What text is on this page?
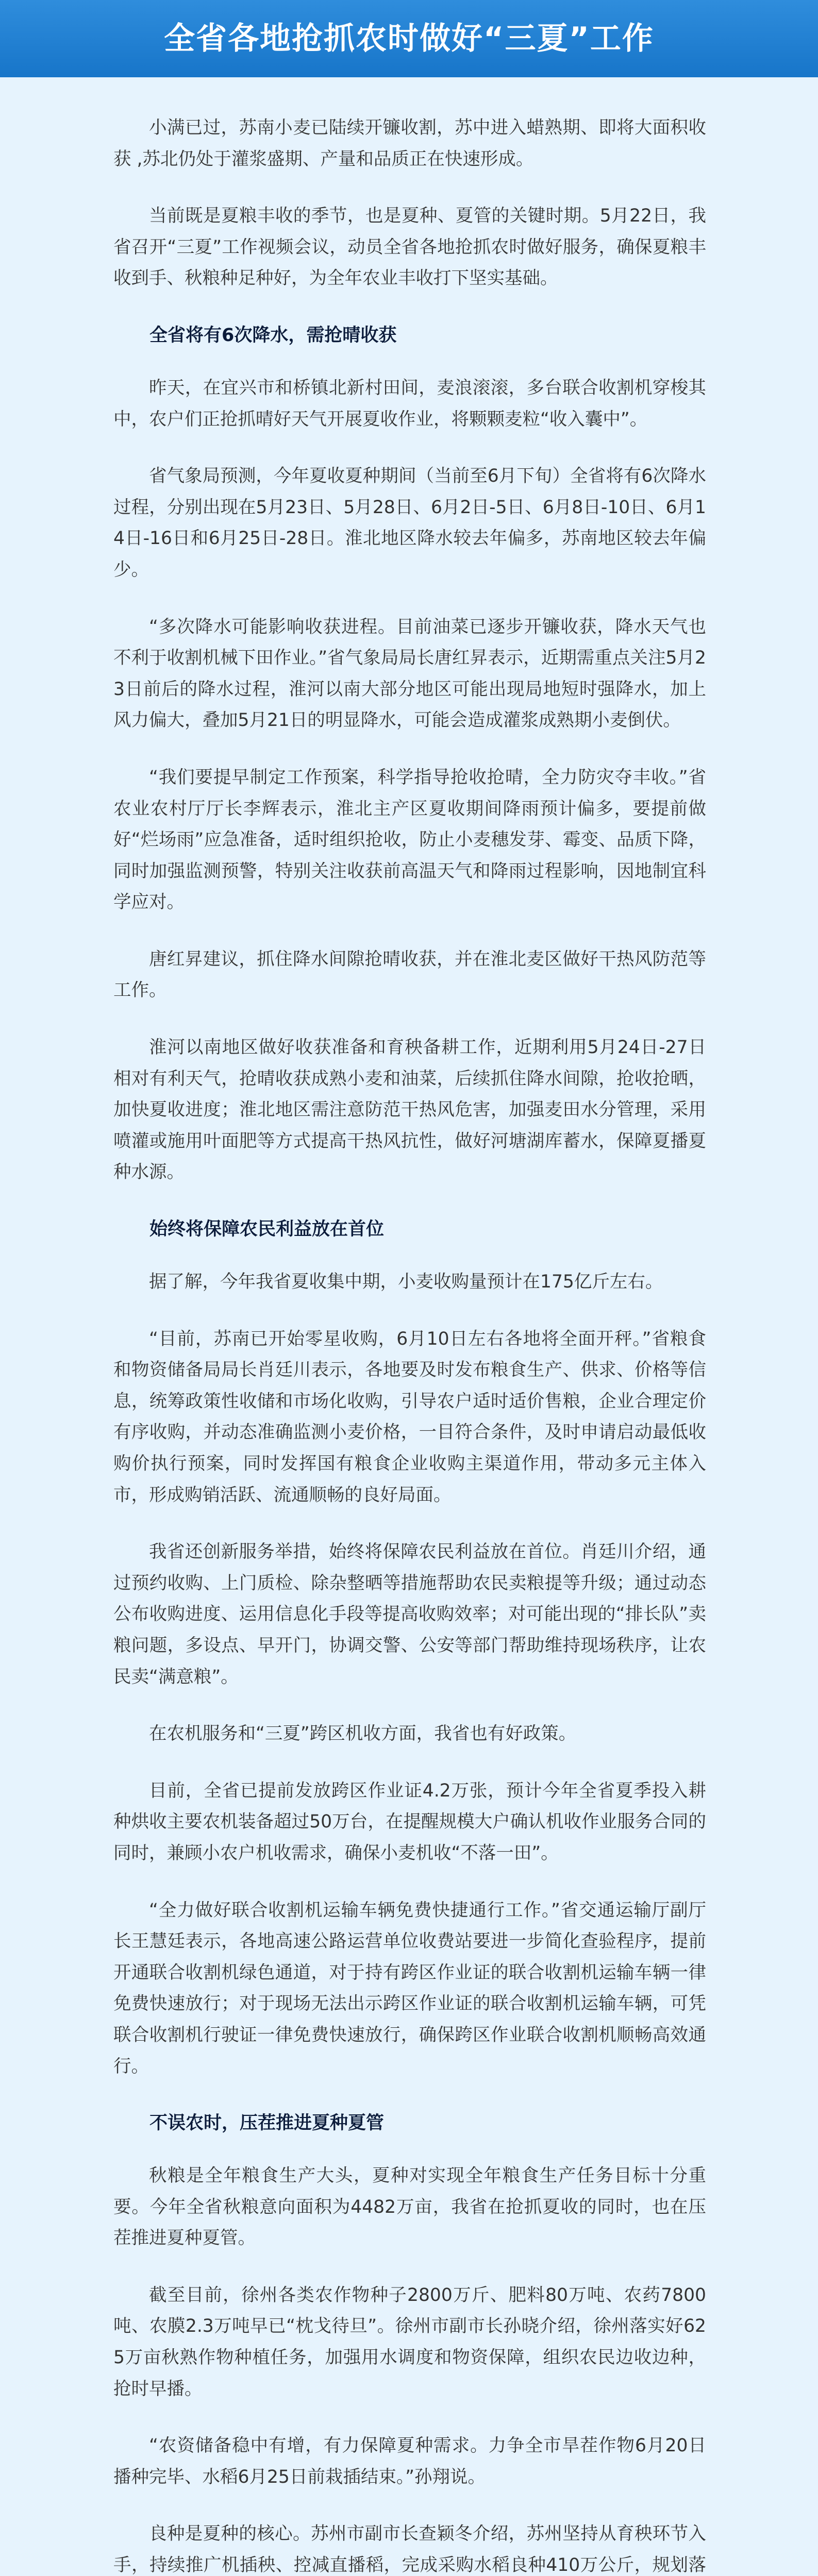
全省各地抢抓农时做好“三夏”工作

小满已过，苏南小麦已陆续开镰收割，苏中进入蜡熟期、即将大面积收获 ,苏北仍处于灌浆盛期、产量和品质正在快速形成。

当前既是夏粮丰收的季节，也是夏种、夏管的关键时期。5月22日，我省召开“三夏”工作视频会议，动员全省各地抢抓农时做好服务，确保夏粮丰收到手、秋粮种足种好，为全年农业丰收打下坚实基础。

全省将有6次降水，需抢晴收获

昨天，在宜兴市和桥镇北新村田间，麦浪滚滚，多台联合收割机穿梭其中，农户们正抢抓晴好天气开展夏收作业，将颗颗麦粒“收入囊中”。

省气象局预测，今年夏收夏种期间（当前至6月下旬）全省将有6次降水过程，分别出现在5月23日、5月28日、6月2日-5日、6月8日-10日、6月14日-16日和6月25日-28日。淮北地区降水较去年偏多，苏南地区较去年偏少。

“多次降水可能影响收获进程。目前油菜已逐步开镰收获，降水天气也不利于收割机械下田作业。”省气象局局长唐红昇表示，近期需重点关注5月23日前后的降水过程，淮河以南大部分地区可能出现局地短时强降水，加上风力偏大，叠加5月21日的明显降水，可能会造成灌浆成熟期小麦倒伏。

“我们要提早制定工作预案，科学指导抢收抢晴，全力防灾夺丰收。”省农业农村厅厅长李辉表示，淮北主产区夏收期间降雨预计偏多，要提前做好“烂场雨”应急准备，适时组织抢收，防止小麦穗发芽、霉变、品质下降，同时加强监测预警，特别关注收获前高温天气和降雨过程影响，因地制宜科学应对。

唐红昇建议，抓住降水间隙抢晴收获，并在淮北麦区做好干热风防范等工作。

淮河以南地区做好收获准备和育秧备耕工作，近期利用5月24日-27日相对有利天气，抢晴收获成熟小麦和油菜，后续抓住降水间隙，抢收抢晒，加快夏收进度；淮北地区需注意防范干热风危害，加强麦田水分管理，采用喷灌或施用叶面肥等方式提高干热风抗性，做好河塘湖库蓄水，保障夏播夏种水源。

始终将保障农民利益放在首位

据了解，今年我省夏收集中期，小麦收购量预计在175亿斤左右。

“目前，苏南已开始零星收购，6月10日左右各地将全面开秤。”省粮食和物资储备局局长肖廷川表示，各地要及时发布粮食生产、供求、价格等信息，统筹政策性收储和市场化收购，引导农户适时适价售粮，企业合理定价有序收购，并动态准确监测小麦价格，一目符合条件，及时申请启动最低收购价执行预案，同时发挥国有粮食企业收购主渠道作用，带动多元主体入市，形成购销活跃、流通顺畅的良好局面。

我省还创新服务举措，始终将保障农民利益放在首位。肖廷川介绍，通过预约收购、上门质检、除杂整晒等措施帮助农民卖粮提等升级；通过动态公布收购进度、运用信息化手段等提高收购效率；对可能出现的“排长队”卖粮问题，多设点、早开门，协调交警、公安等部门帮助维持现场秩序，让农民卖“满意粮”。

在农机服务和“三夏”跨区机收方面，我省也有好政策。

目前，全省已提前发放跨区作业证4.2万张，预计今年全省夏季投入耕种烘收主要农机装备超过50万台，在提醒规模大户确认机收作业服务合同的同时，兼顾小农户机收需求，确保小麦机收“不落一田”。

“全力做好联合收割机运输车辆免费快捷通行工作。”省交通运输厅副厅长王慧廷表示，各地高速公路运营单位收费站要进一步简化查验程序，提前开通联合收割机绿色通道，对于持有跨区作业证的联合收割机运输车辆一律免费快速放行；对于现场无法出示跨区作业证的联合收割机运输车辆，可凭联合收割机行驶证一律免费快速放行，确保跨区作业联合收割机顺畅高效通行。

不误农时，压茬推进夏种夏管

秋粮是全年粮食生产大头，夏种对实现全年粮食生产任务目标十分重要。今年全省秋粮意向面积为4482万亩，我省在抢抓夏收的同时，也在压茬推进夏种夏管。

截至目前，徐州各类农作物种子2800万斤、肥料80万吨、农药7800吨、农膜2.3万吨早已“枕戈待旦”。徐州市副市长孙晓介绍，徐州落实好625万亩秋熟作物种植任务，加强用水调度和物资保障，组织农民边收边种，抢时早播。

“农资储备稳中有增，有力保障夏种需求。力争全市旱茬作物6月20日播种完毕、水稻6月25日前栽插结束。”孙翔说。

良种是夏种的核心。苏州市副市长查颖冬介绍，苏州坚持从育秧环节入手，持续推广机插秧、控减直播稻，完成采购水稻良种410万公斤，规划落
